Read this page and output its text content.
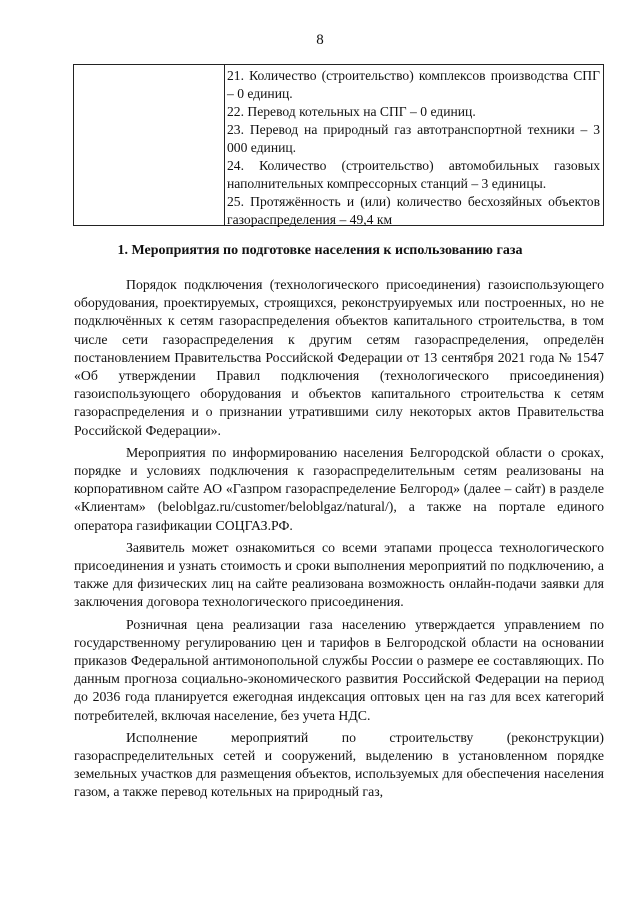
8
21. Количество (строительство) комплексов производства СПГ – 0 единиц.
22. Перевод котельных на СПГ – 0 единиц.
23. Перевод на природный газ автотранспортной техники – 3 000 единиц.
24. Количество (строительство) автомобильных газовых наполнительных компрессорных станций – 3 единицы.
25. Протяжённость и (или) количество бесхозяйных объектов газораспределения – 49,4 км
1. Мероприятия по подготовке населения к использованию газа

Порядок подключения (технологического присоединения) газоиспользующего оборудования, проектируемых, строящихся, реконструируемых или построенных, но не подключённых к сетям газораспределения объектов капитального строительства, в том числе сети газораспределения к другим сетям газораспределения, определён постановлением Правительства Российской Федерации от 13 сентября 2021 года № 1547 «Об утверждении Правил подключения (технологического присоединения) газоиспользующего оборудования и объектов капитального строительства к сетям газораспределения и о признании утратившими силу некоторых актов Правительства Российской Федерации».

Мероприятия по информированию населения Белгородской области о сроках, порядке и условиях подключения к газораспределительным сетям реализованы на корпоративном сайте АО «Газпром газораспределение Белгород» (далее – сайт) в разделе «Клиентам» (beloblgaz.ru/customer/beloblgaz/natural/), а также на портале единого оператора газификации СОЦГАЗ.РФ.

Заявитель может ознакомиться со всеми этапами процесса технологического присоединения и узнать стоимость и сроки выполнения мероприятий по подключению, а также для физических лиц на сайте реализована возможность онлайн-подачи заявки для заключения договора технологического присоединения.

Розничная цена реализации газа населению утверждается управлением по государственному регулированию цен и тарифов в Белгородской области на основании приказов Федеральной антимонопольной службы России о размере ее составляющих. По данным прогноза социально-экономического развития Российской Федерации на период до 2036 года планируется ежегодная индексация оптовых цен на газ для всех категорий потребителей, включая население, без учета НДС.

Исполнение мероприятий по строительству (реконструкции) газораспределительных сетей и сооружений, выделению в установленном порядке земельных участков для размещения объектов, используемых для обеспечения населения газом, а также перевод котельных на природный газ,
